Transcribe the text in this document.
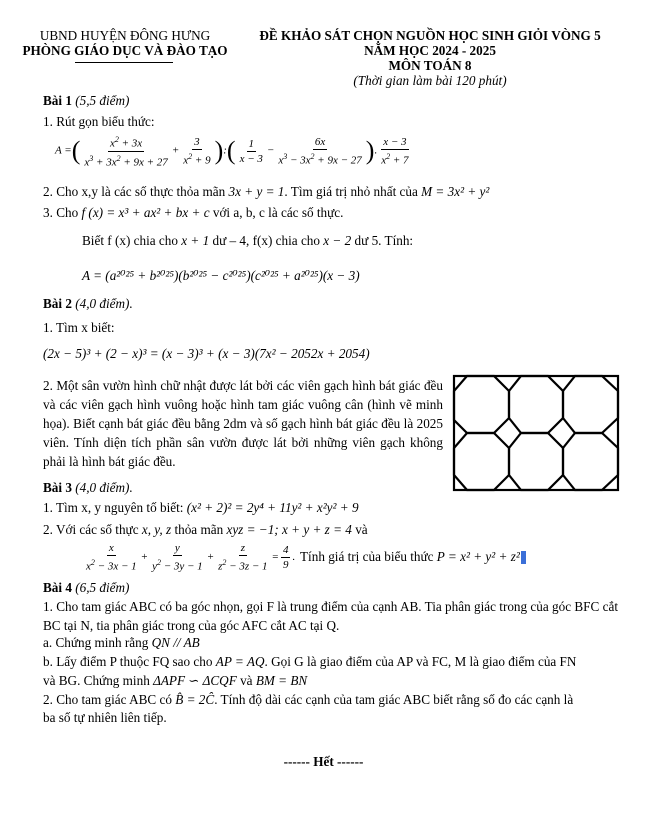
UBND HUYỆN ĐÔNG HƯNG
PHÒNG GIÁO DỤC VÀ ĐÀO TẠO
ĐỀ KHẢO SÁT CHỌN NGUỒN HỌC SINH GIỎI VÒNG 5
NĂM HỌC 2024 - 2025
MÔN TOÁN 8
(Thời gian làm bài 120 phút)
Bài 1 (5,5 điểm)
1. Rút gọn biểu thức:
A =( $\frac{x^2 + 3x}{x^3 + 3x^2 + 9x + 27} + \frac{3}{x^2 + 9}$ ):( $\frac{1}{x - 3} - \frac{6x}{x^3 - 3x^2 + 9x - 27}$ ). $\frac{x - 3}{x^2 + 7}$
2. Cho x,y là các số thực thỏa mãn 3x + y = 1. Tìm giá trị nhỏ nhất của M = 3x² + y²
3. Cho f (x) = x³ + ax² + bx + c với a, b, c là các số thực.
Biết f (x) chia cho x + 1 dư – 4, f(x) chia cho x − 2 dư 5. Tính:
A = (a²⁰²⁵ + b²⁰²⁵)(b²⁰²⁵ − c²⁰²⁵)(c²⁰²⁵ + a²⁰²⁵)(x − 3)
Bài 2 (4,0 điểm).
1. Tìm x biết:
(2x − 5)³ + (2 − x)³ = (x − 3)³ + (x − 3)(7x² − 2052x + 2054)
2. Một sân vườn hình chữ nhật được lát bởi các viên gạch hình bát giác đều và các viên gạch hình vuông hoặc hình tam giác vuông cân (hình vẽ minh họa). Biết cạnh bát giác đều bằng 2dm và số gạch hình bát giác đều là 2025 viên. Tính diện tích phần sân vườn được lát bởi những viên gạch không phải là hình bát giác đều.
Bài 3 (4,0 điểm).
1. Tìm x, y nguyên tố biết: (x² + 2)² = 2y⁴ + 11y² + x²y² + 9
2. Với các số thực x, y, z thỏa mãn xyz = −1; x + y + z = 4 và
$\frac{x}{x^2 - 3x - 1} + \frac{y}{y^2 - 3y - 1} + \frac{z}{z^2 - 3z - 1} = \frac{4}{9}$ . Tính giá trị của biểu thức P = x² + y² + z²
Bài 4 (6,5 điểm)
1. Cho tam giác ABC có ba góc nhọn, gọi F là trung điểm của cạnh AB. Tia phân giác trong của góc BFC cắt BC tại N, tia phân giác trong của góc AFC cắt AC tại Q.
a. Chứng minh rằng QN // AB
b. Lấy điểm P thuộc FQ sao cho AP = AQ. Gọi G là giao điểm của AP và FC, M là giao điểm của FN
và BG. Chứng minh ΔAPF ∽ ΔCQF và BM = BN
2. Cho tam giác ABC có B̂ = 2Ĉ. Tính độ dài các cạnh của tam giác ABC biết rằng số đo các cạnh là
ba số tự nhiên liên tiếp.
------ Hết ------
